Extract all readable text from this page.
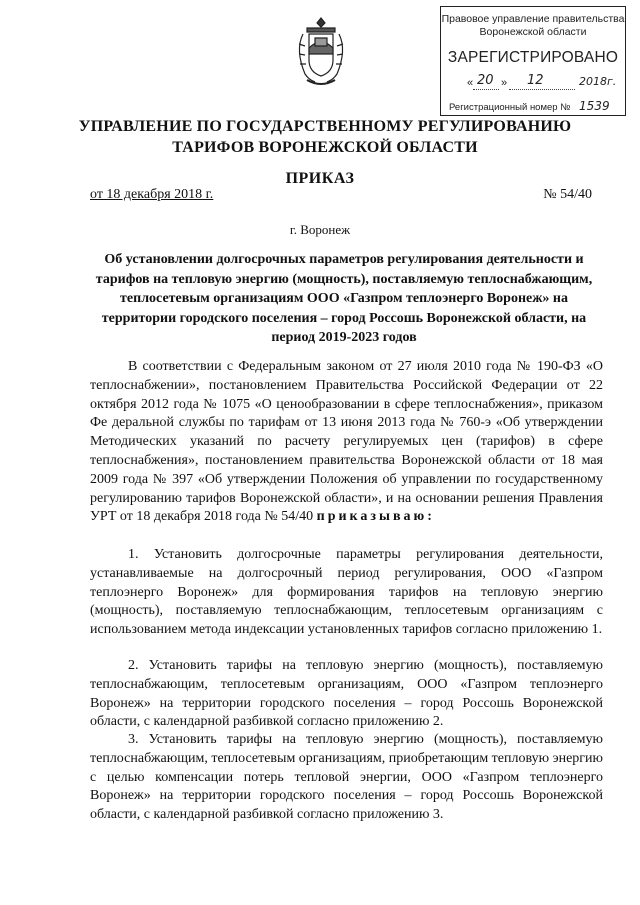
Правовое управление правительства
Воронежской области
ЗАРЕГИСТРИРОВАНО
« 20 » 12	2018г.
Регистрационный номер № 1539
УПРАВЛЕНИЕ ПО ГОСУДАРСТВЕННОМУ РЕГУЛИРОВАНИЮ
ТАРИФОВ ВОРОНЕЖСКОЙ ОБЛАСТИ
ПРИКАЗ
от 18 декабря 2018 г.	№ 54/40
г. Воронеж
Об установлении долгосрочных параметров регулирования деятельности и тарифов на тепловую энергию (мощность), поставляемую теплоснабжающим, теплосетевым организациям ООО «Газпром теплоэнерго Воронеж» на территории городского поселения – город Россошь Воронежской области, на период 2019-2023 годов
В соответствии с Федеральным законом от 27 июля 2010 года № 190-ФЗ «О теплоснабжении», постановлением Правительства Российской Федерации от 22 октября 2012 года № 1075 «О ценообразовании в сфере теплоснабжения», приказом Фе деральной службы по тарифам от 13 июня 2013 года № 760-э «Об утверждении Методических указаний по расчету регулируемых цен (тарифов) в сфере теплоснабжения», постановлением правительства Воронежской области от 18 мая 2009 года № 397 «Об утверждении Положения об управлении по государственному регулированию тарифов Воронежской области», и на основании решения Правления УРТ от 18 декабря 2018 года № 54/40 приказываю:
1. Установить долгосрочные параметры регулирования деятельности, устанавливаемые на долгосрочный период регулирования, ООО «Газпром теплоэнерго Воронеж» для формирования тарифов на тепловую энергию (мощность), поставляемую теплоснабжающим, теплосетевым организациям с использованием метода индексации установленных тарифов согласно приложению 1.
2. Установить тарифы на тепловую энергию (мощность), поставляемую теплоснабжающим, теплосетевым организациям, ООО «Газпром теплоэнерго Воронеж» на территории городского поселения – город Россошь Воронежской области, с календарной разбивкой согласно приложению 2.
3. Установить тарифы на тепловую энергию (мощность), поставляемую теплоснабжающим, теплосетевым организациям, приобретающим тепловую энергию с целью компенсации потерь тепловой энергии, ООО «Газпром теплоэнерго Воронеж» на территории городского поселения – город Россошь Воронежской области, с календарной разбивкой согласно приложению 3.
